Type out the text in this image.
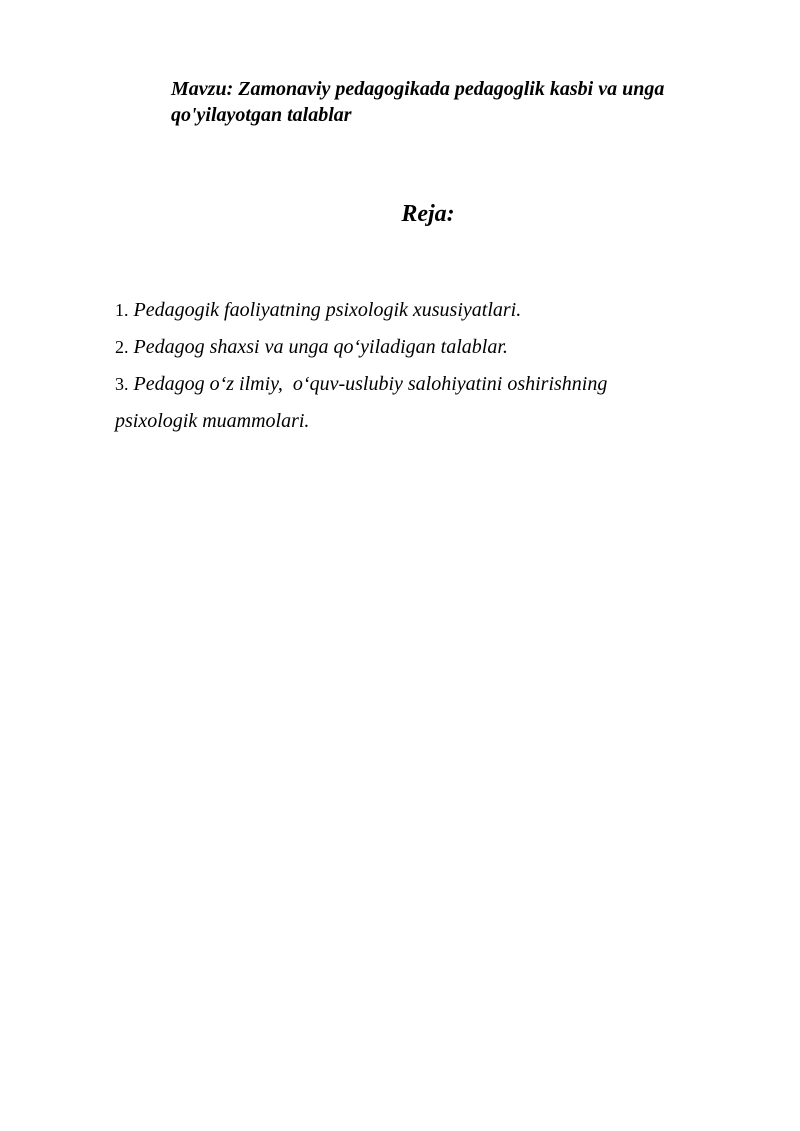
Mavzu: Zamonaviy pedagogikada pedagoglik kasbi va unga
qo'yilayotgan talablar
Reja:
1. Pedagogik faoliyatning psixologik xususiyatlari.
2. Pedagog shaxsi va unga qo‘yiladigan talablar.
3. Pedagog o‘z ilmiy,  o‘quv-uslubiy salohiyatini oshirishning
psixologik muammolari.
